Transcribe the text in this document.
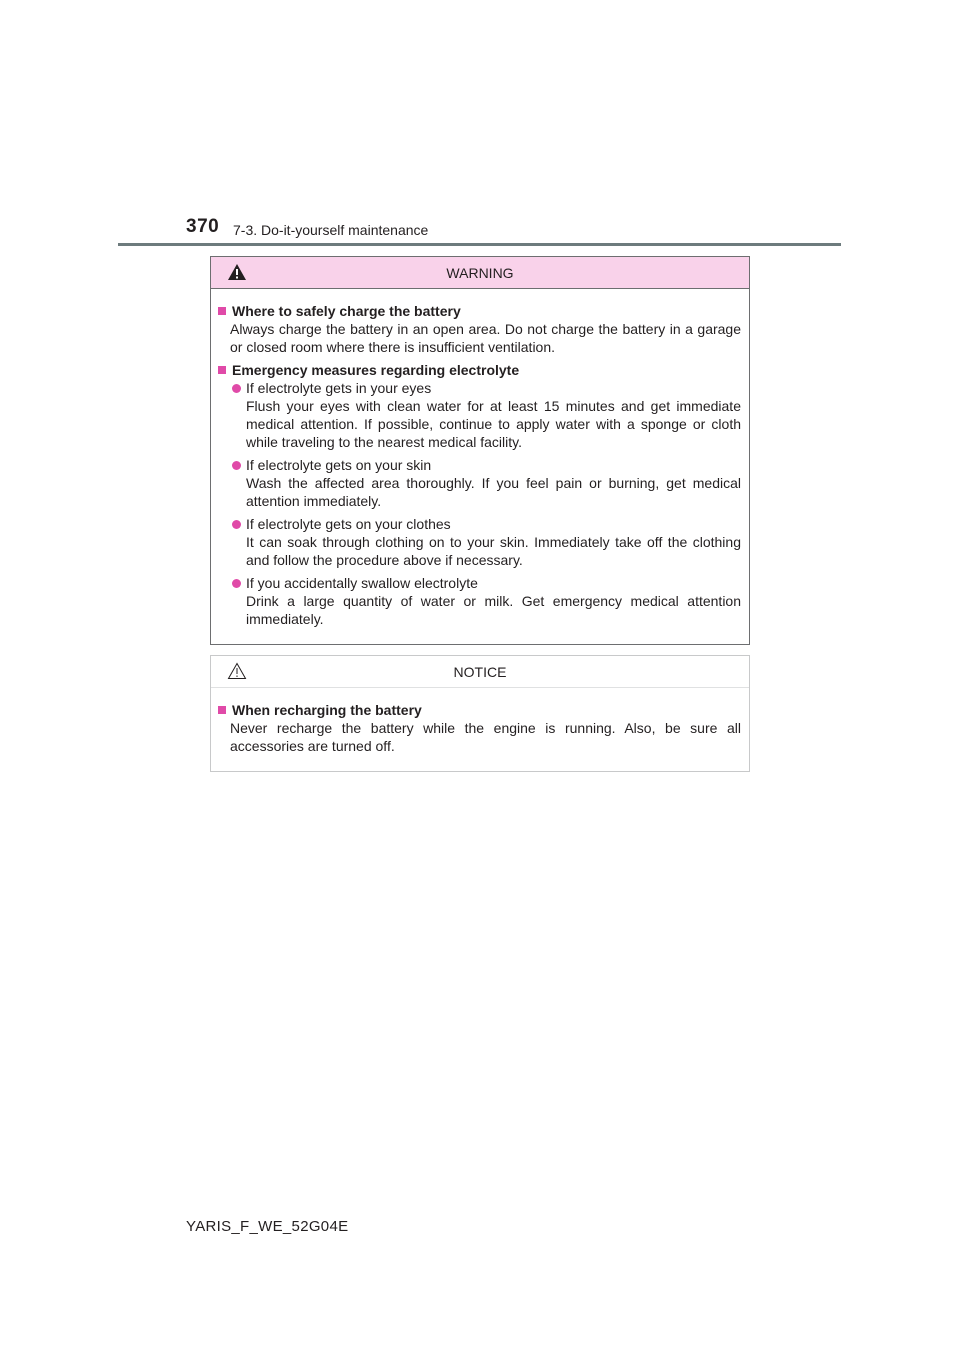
370 7-3. Do-it-yourself maintenance
WARNING
Where to safely charge the battery
Always charge the battery in an open area. Do not charge the battery in a garage or closed room where there is insufficient ventilation.
Emergency measures regarding electrolyte
If electrolyte gets in your eyes
Flush your eyes with clean water for at least 15 minutes and get immediate medical attention. If possible, continue to apply water with a sponge or cloth while traveling to the nearest medical facility.
If electrolyte gets on your skin
Wash the affected area thoroughly. If you feel pain or burning, get medical attention immediately.
If electrolyte gets on your clothes
It can soak through clothing on to your skin. Immediately take off the clothing and follow the procedure above if necessary.
If you accidentally swallow electrolyte
Drink a large quantity of water or milk. Get emergency medical attention immediately.
NOTICE
When recharging the battery
Never recharge the battery while the engine is running. Also, be sure all accessories are turned off.
YARIS_F_WE_52G04E
